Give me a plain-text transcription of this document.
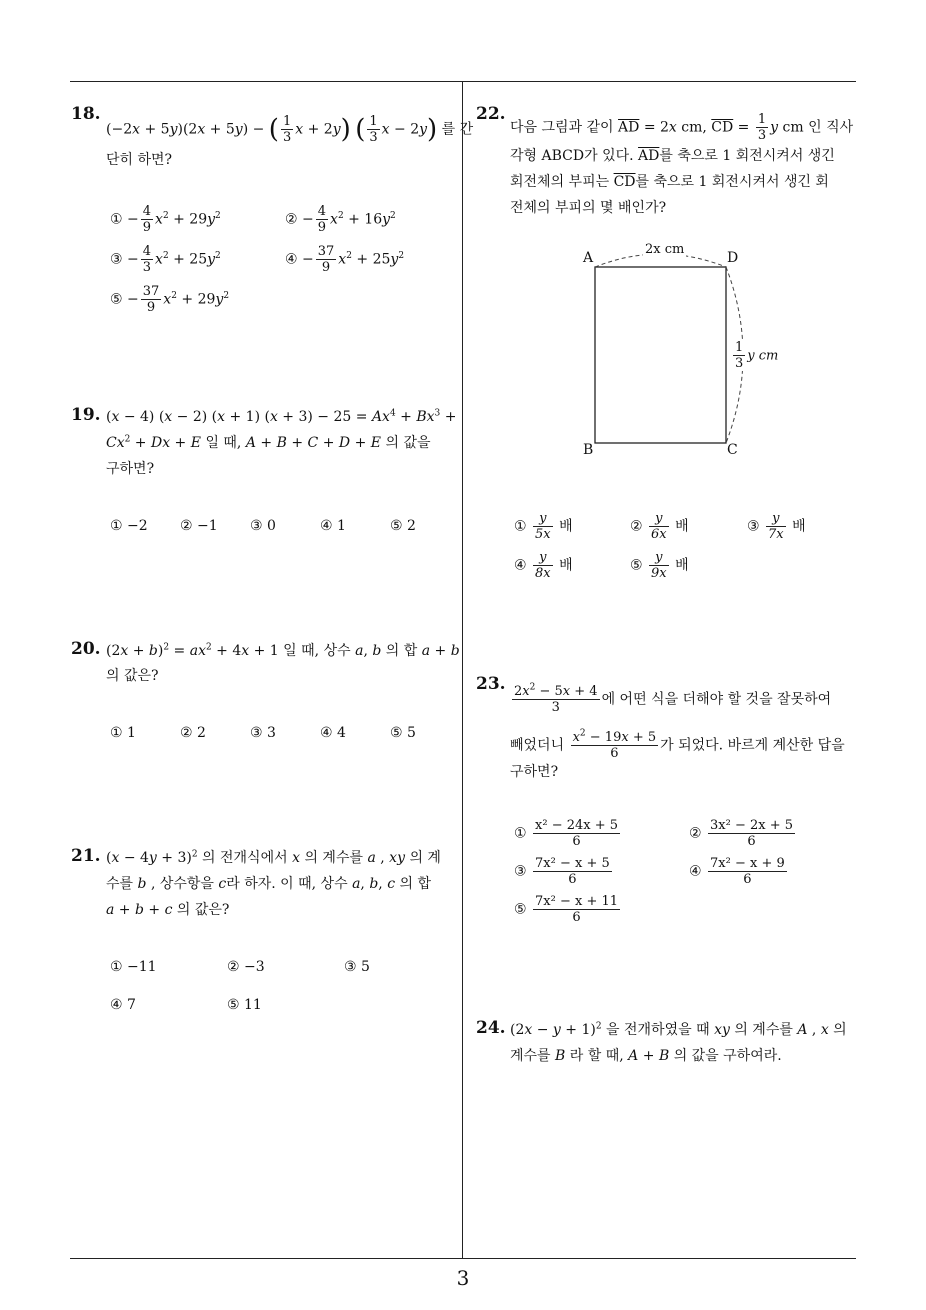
18.
(−2x + 5y)(2x + 5y) − ( $\frac{1}{3}$ x + 2y) ( $\frac{1}{3}$ x − 2y) 를 간
단히 하면?
① − $\frac{4}{9} x^2 + 29y^2$	② − $\frac{4}{9} x^2 + 16y^2$
③ − $\frac{4}{3} x^2 + 25y^2$	④ − $\frac{37}{9} x^2 + 25y^2$
⑤ − $\frac{37}{9} x^2 + 29y^2$
19. (x − 4) (x − 2) (x + 1) $(x + 3) - 25 = Ax^4 + Bx^3$ +
$Cx^2 + Dx + E$ 일 때, A + B + C + D + E 의 값을
구하면?
① −2 ② −1 ③ 0	④ 1	⑤ 2
20. $(2x + b)^2 = ax^2 + 4x + 1$ 일 때, 상수 a, b 의 합 a + b
의 값은?
① 1	② 2	③ 3	④ 4	⑤ 5
21. $(x - 4y + 3)^2$ 의 전개식에서 x 의 계수를 a , xy 의 계
수를 b , 상수항을 c라 하자. 이 때, 상수 a, b, c 의 합
a + b + c 의 값은?
① −11	② −3	③ 5
④ 7	⑤ 11
22.
다음 그림과 같이 $\overline{AD} = 2x$ cm, $\overline{CD} = \frac{1}{3}$ y cm 인 직사
각형 ABCD가 있다. $\overline{AD}$를 축으로 1 회전시켜서 생긴
회전체의 부피는 $\overline{CD}$를 축으로 1 회전시켜서 생긴 회
전체의 부피의 몇 배인가?
A	D
B	C
2x cm
$\frac{1}{3}$ y cm
① $\frac{y}{5x}$ 배	② $\frac{y}{6x}$ 배	③ $\frac{y}{7x}$ 배
④ $\frac{y}{8x}$ 배	⑤ $\frac{y}{9x}$ 배
23. $\frac{2x^2 - 5x + 4}{3}$ 에 어떤 식을 더해야 할 것을 잘못하여
빼었더니 $\frac{x^2 - 19x + 5}{6}$ 가 되었다. 바르게 계산한 답을
구하면?
① $\frac{\text{x² − 24x + 5}}{6}$	② $\frac{\text{3x² − 2x + 5}}{6}$
③ $\frac{\text{7x² − x + 5}}{6}$	④ $\frac{\text{7x² − x + 9}}{6}$
⑤ $\frac{\text{7x² − x + 11}}{6}$
24. $(2x - y + 1)^2$ 을 전개하였을 때 xy 의 계수를 A , x 의
계수를 B 라 할 때, A + B 의 값을 구하여라.
3
